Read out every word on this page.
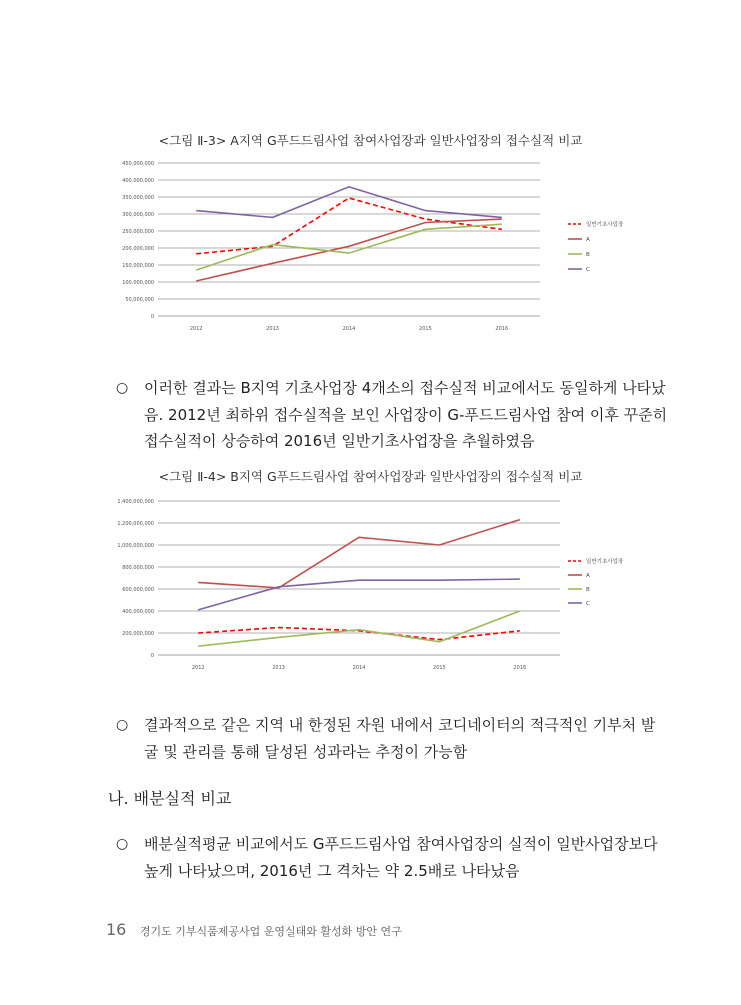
<그림 Ⅱ-3> A지역 G푸드드림사업 참여사업장과 일반사업장의 접수실적 비교
0
50,000,000
100,000,000
150,000,000
200,000,000
250,000,000
300,000,000
350,000,000
400,000,000
450,000,000
2012	2013	2014	2015	2016
일반기초사업장
A
B
C
○	이러한 결과는 B지역 기초사업장 4개소의 접수실적 비교에서도 동일하게 나타났
음. 2012년 최하위 접수실적을 보인 사업장이 G-푸드드림사업 참여 이후 꾸준히
접수실적이 상승하여 2016년 일반기초사업장을 추월하였음
<그림 Ⅱ-4> B지역 G푸드드림사업 참여사업장과 일반사업장의 접수실적 비교
0
200,000,000
400,000,000
600,000,000
800,000,000
1,000,000,000
1,200,000,000
1,400,000,000
2012	2013	2014	2015	2016
일반기초사업장
A
B
C
○	결과적으로 같은 지역 내 한정된 자원 내에서 코디네이터의 적극적인 기부처 발
굴 및 관리를 통해 달성된 성과라는 추정이 가능함
나. 배분실적 비교
○	배분실적평균 비교에서도 G푸드드림사업 참여사업장의 실적이 일반사업장보다
높게 나타났으며, 2016년 그 격차는 약 2.5배로 나타났음
16 경기도 기부식품제공사업 운영실태와 활성화 방안 연구
